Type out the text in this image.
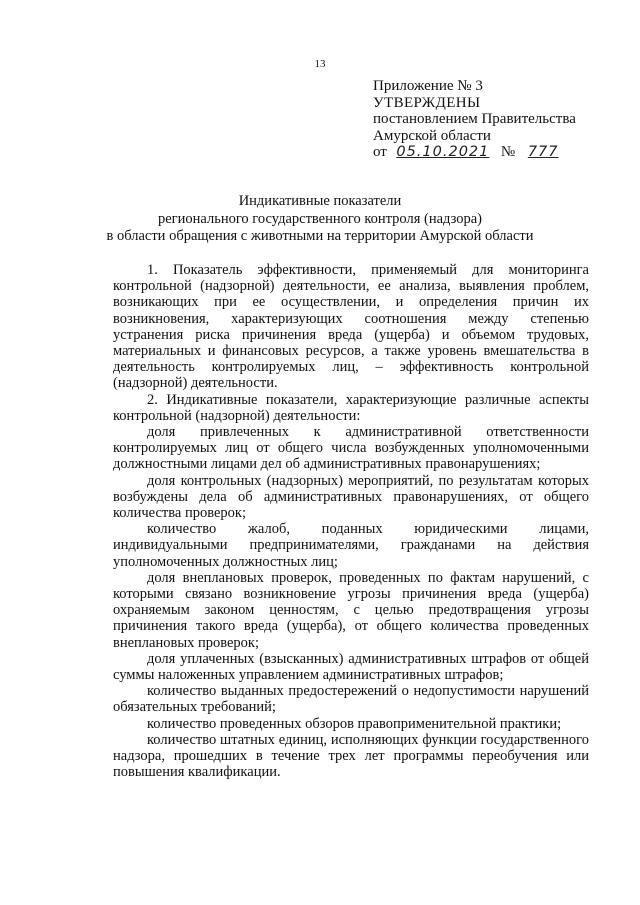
13
Приложение № 3
УТВЕРЖДЕНЫ
постановлением Правительства
Амурской области
от 05.10.2021 № 777
Индикативные показатели
регионального государственного контроля (надзора)
в области обращения с животными на территории Амурской области

1. Показатель эффективности, применяемый для мониторинга контрольной (надзорной) деятельности, ее анализа, выявления проблем, возникающих при ее осуществлении, и определения причин их возникновения, характеризующих соотношения между степенью устранения риска причинения вреда (ущерба) и объемом трудовых, материальных и финансовых ресурсов, а также уровень вмешательства в деятельность контролируемых лиц, – эффективность контрольной (надзорной) деятельности.

2. Индикативные показатели, характеризующие различные аспекты контрольной (надзорной) деятельности:

доля привлеченных к административной ответственности контролируемых лиц от общего числа возбужденных уполномоченными должностными лицами дел об административных правонарушениях;

доля контрольных (надзорных) мероприятий, по результатам которых возбуждены дела об административных правонарушениях, от общего количества проверок;

количество жалоб, поданных юридическими лицами, индивидуальными предпринимателями, гражданами на действия уполномоченных должностных лиц;

доля внеплановых проверок, проведенных по фактам нарушений, с которыми связано возникновение угрозы причинения вреда (ущерба) охраняемым законом ценностям, с целью предотвращения угрозы причинения такого вреда (ущерба), от общего количества проведенных внеплановых проверок;

доля уплаченных (взысканных) административных штрафов от общей суммы наложенных управлением административных штрафов;

количество выданных предостережений о недопустимости нарушений обязательных требований;

количество проведенных обзоров правоприменительной практики;

количество штатных единиц, исполняющих функции государственного надзора, прошедших в течение трех лет программы переобучения или повышения квалификации.
